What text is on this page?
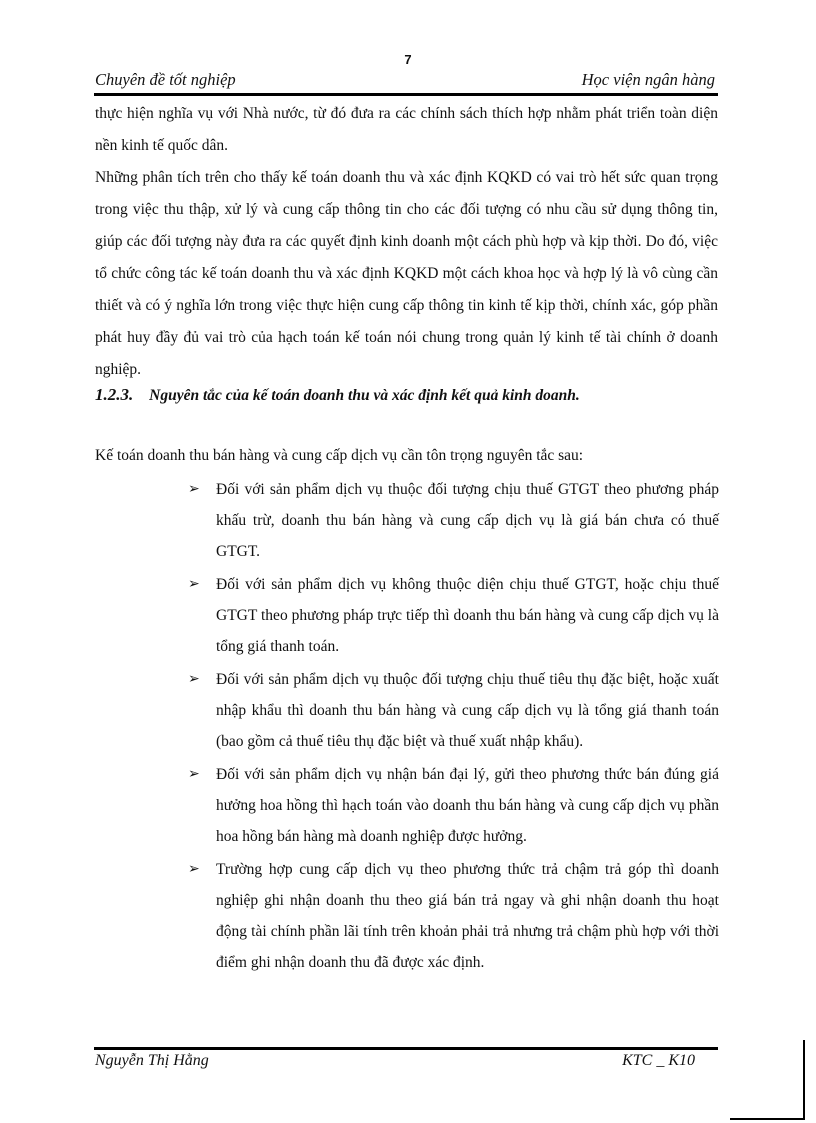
7
Chuyên đề tốt nghiệp	Học viện ngân hàng

thực hiện nghĩa vụ với Nhà nước, từ đó đưa ra các chính sách thích hợp nhằm phát triển toàn diện nền kinh tế quốc dân.

Những phân tích trên cho thấy kế toán doanh thu và xác định KQKD có vai trò hết sức quan trọng trong việc thu thập, xử lý và cung cấp thông tin cho các đối tượng có nhu cầu sử dụng thông tin, giúp các đối tượng này đưa ra các quyết định kinh doanh một cách phù hợp và kịp thời. Do đó, việc tổ chức công tác kế toán doanh thu và xác định KQKD một cách khoa học và hợp lý là vô cùng cần thiết và có ý nghĩa lớn trong việc thực hiện cung cấp thông tin kinh tế kịp thời, chính xác, góp phần phát huy đầy đủ vai trò của hạch toán kế toán nói chung trong quản lý kinh tế tài chính ở doanh nghiệp.

1.2.3. Nguyên tắc của kế toán doanh thu và xác định kết quả kinh doanh.
Kế toán doanh thu bán hàng và cung cấp dịch vụ cần tôn trọng nguyên tắc sau:
➢ Đối với sản phẩm dịch vụ thuộc đối tượng chịu thuế GTGT theo phương pháp khấu trừ, doanh thu bán hàng và cung cấp dịch vụ là giá bán chưa có thuế GTGT.
➢ Đối với sản phẩm dịch vụ không thuộc diện chịu thuế GTGT, hoặc chịu thuế GTGT theo phương pháp trực tiếp thì doanh thu bán hàng và cung cấp dịch vụ là tổng giá thanh toán.
➢ Đối với sản phẩm dịch vụ thuộc đối tượng chịu thuế tiêu thụ đặc biệt, hoặc xuất nhập khẩu thì doanh thu bán hàng và cung cấp dịch vụ là tổng giá thanh toán (bao gồm cả thuế tiêu thụ đặc biệt và thuế xuất nhập khẩu).
➢ Đối với sản phẩm dịch vụ nhận bán đại lý, gửi theo phương thức bán đúng giá hưởng hoa hồng thì hạch toán vào doanh thu bán hàng và cung cấp dịch vụ phần hoa hồng bán hàng mà doanh nghiệp được hưởng.
➢ Trường hợp cung cấp dịch vụ theo phương thức trả chậm trả góp thì doanh nghiệp ghi nhận doanh thu theo giá bán trả ngay và ghi nhận doanh thu hoạt động tài chính phần lãi tính trên khoản phải trả nhưng trả chậm phù hợp với thời điểm ghi nhận doanh thu đã được xác định.
Nguyễn Thị Hằng	KTC _ K10
